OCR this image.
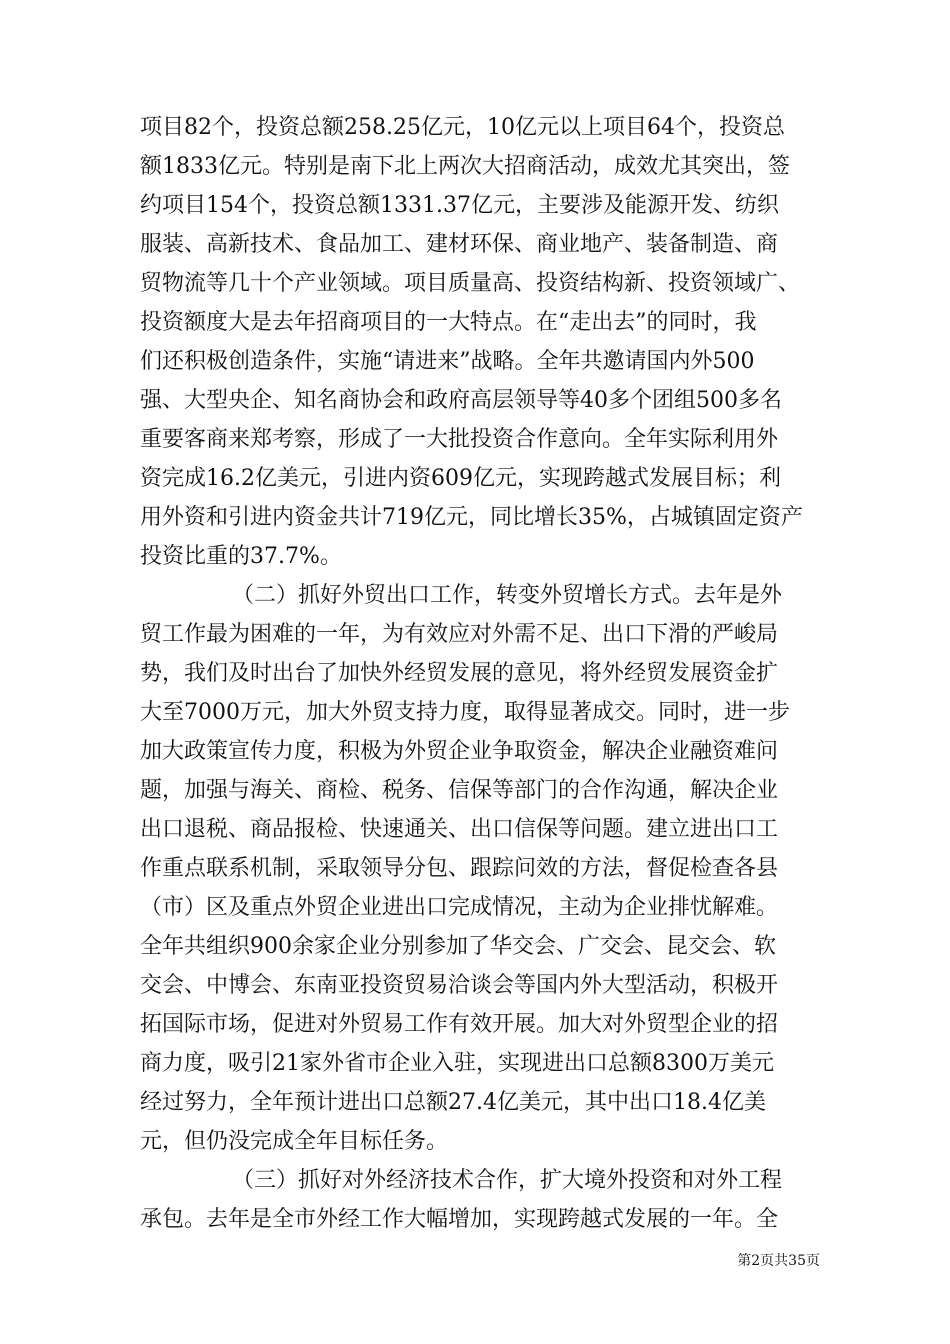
项目82个，投资总额258.25亿元，10亿元以上项目64个，投资总
额1833亿元。特别是南下北上两次大招商活动，成效尤其突出，签
约项目154个，投资总额1331.37亿元，主要涉及能源开发、纺织
服装、高新技术、食品加工、建材环保、商业地产、装备制造、商
贸物流等几十个产业领域。项目质量高、投资结构新、投资领域广、
投资额度大是去年招商项目的一大特点。在“走出去”的同时，我
们还积极创造条件，实施“请进来”战略。全年共邀请国内外500
强、大型央企、知名商协会和政府高层领导等40多个团组500多名
重要客商来郑考察，形成了一大批投资合作意向。全年实际利用外
资完成16.2亿美元，引进内资609亿元，实现跨越式发展目标；利
用外资和引进内资金共计719亿元，同比增长35%，占城镇固定资产
投资比重的37.7%。
（二）抓好外贸出口工作，转变外贸增长方式。去年是外
贸工作最为困难的一年，为有效应对外需不足、出口下滑的严峻局
势，我们及时出台了加快外经贸发展的意见，将外经贸发展资金扩
大至7000万元，加大外贸支持力度，取得显著成交。同时，进一步
加大政策宣传力度，积极为外贸企业争取资金，解决企业融资难问
题，加强与海关、商检、税务、信保等部门的合作沟通，解决企业
出口退税、商品报检、快速通关、出口信保等问题。建立进出口工
作重点联系机制，采取领导分包、跟踪问效的方法，督促检查各县
（市）区及重点外贸企业进出口完成情况，主动为企业排忧解难。
全年共组织900余家企业分别参加了华交会、广交会、昆交会、软
交会、中博会、东南亚投资贸易洽谈会等国内外大型活动，积极开
拓国际市场，促进对外贸易工作有效开展。加大对外贸型企业的招
商力度，吸引21家外省市企业入驻，实现进出口总额8300万美元
经过努力，全年预计进出口总额27.4亿美元，其中出口18.4亿美
元，但仍没完成全年目标任务。
（三）抓好对外经济技术合作，扩大境外投资和对外工程
承包。去年是全市外经工作大幅增加，实现跨越式发展的一年。全
第2页共35页
